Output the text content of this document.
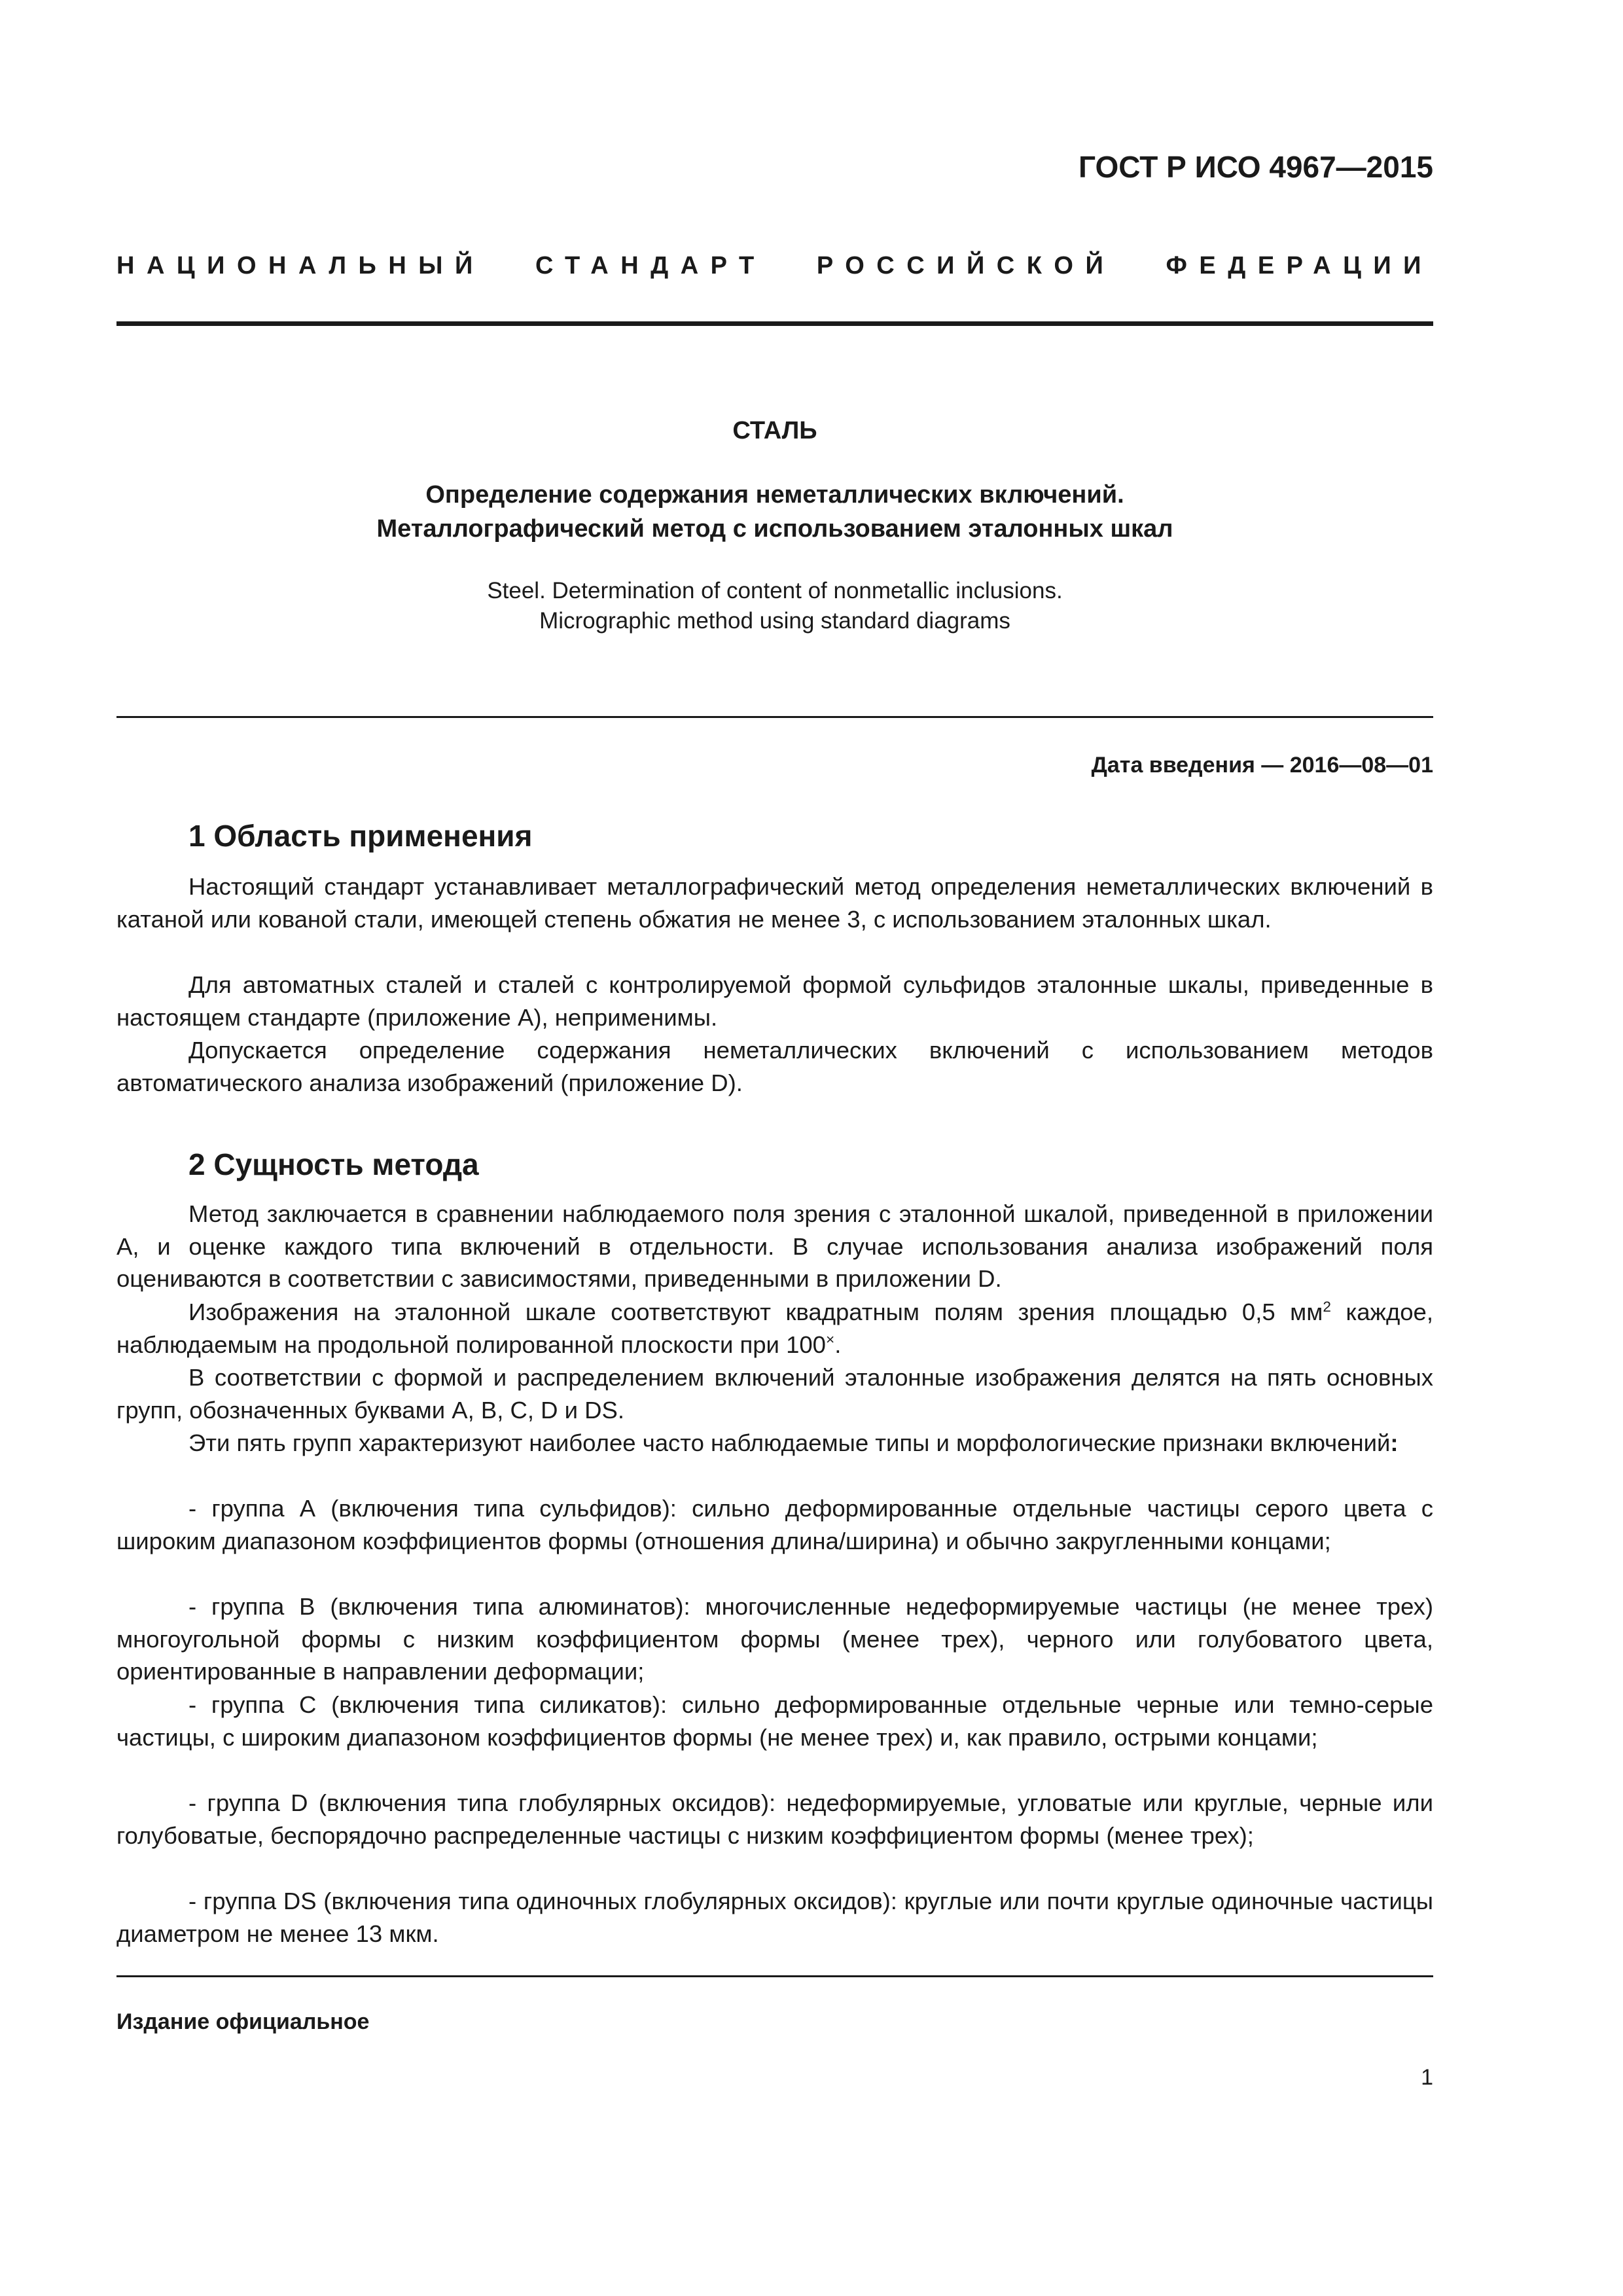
ГОСТ Р ИСО 4967—2015
НАЦИОНАЛЬНЫЙ СТАНДАРТ РОССИЙСКОЙ ФЕДЕРАЦИИ
СТАЛЬ
Определение содержания неметаллических включений.
Металлографический метод с использованием эталонных шкал
Steel. Determination of content of nonmetallic inclusions.
Micrographic method using standard diagrams
Дата введения — 2016—08—01
1 Область применения

Настоящий стандарт устанавливает металлографический метод определения неметаллических включений в катаной или кованой стали, имеющей степень обжатия не менее 3, с использованием эталонных шкал.

Для автоматных сталей и сталей с контролируемой формой сульфидов эталонные шкалы, приведенные в настоящем стандарте (приложение А), неприменимы.

Допускается определение содержания неметаллических включений с использованием методов автоматического анализа изображений (приложение D).

2 Сущность метода

Метод заключается в сравнении наблюдаемого поля зрения с эталонной шкалой, приведенной в приложении А, и оценке каждого типа включений в отдельности. В случае использования анализа изображений поля оцениваются в соответствии с зависимостями, приведенными в приложении D.

Изображения на эталонной шкале соответствуют квадратным полям зрения площадью 0,5 $мм^2$ каждое, наблюдаемым на продольной полированной плоскости при 100×.

В соответствии с формой и распределением включений эталонные изображения делятся на пять основных групп, обозначенных буквами А, В, С, D и DS.

Эти пять групп характеризуют наиболее часто наблюдаемые типы и морфологические признаки включений:

- группа А (включения типа сульфидов): сильно деформированные отдельные частицы серого цвета с широким диапазоном коэффициентов формы (отношения длина/ширина) и обычно закругленными концами;

- группа В (включения типа алюминатов): многочисленные недеформируемые частицы (не менее трех) многоугольной формы с низким коэффициентом формы (менее трех), черного или голубоватого цвета, ориентированные в направлении деформации;

- группа С (включения типа силикатов): сильно деформированные отдельные черные или темно-серые частицы, с широким диапазоном коэффициентов формы (не менее трех) и, как правило, острыми концами;

- группа D (включения типа глобулярных оксидов): недеформируемые, угловатые или круглые, черные или голубоватые, беспорядочно распределенные частицы с низким коэффициентом формы (менее трех);

- группа DS (включения типа одиночных глобулярных оксидов): круглые или почти круглые одиночные частицы диаметром не менее 13 мкм.

Издание официальное
1
